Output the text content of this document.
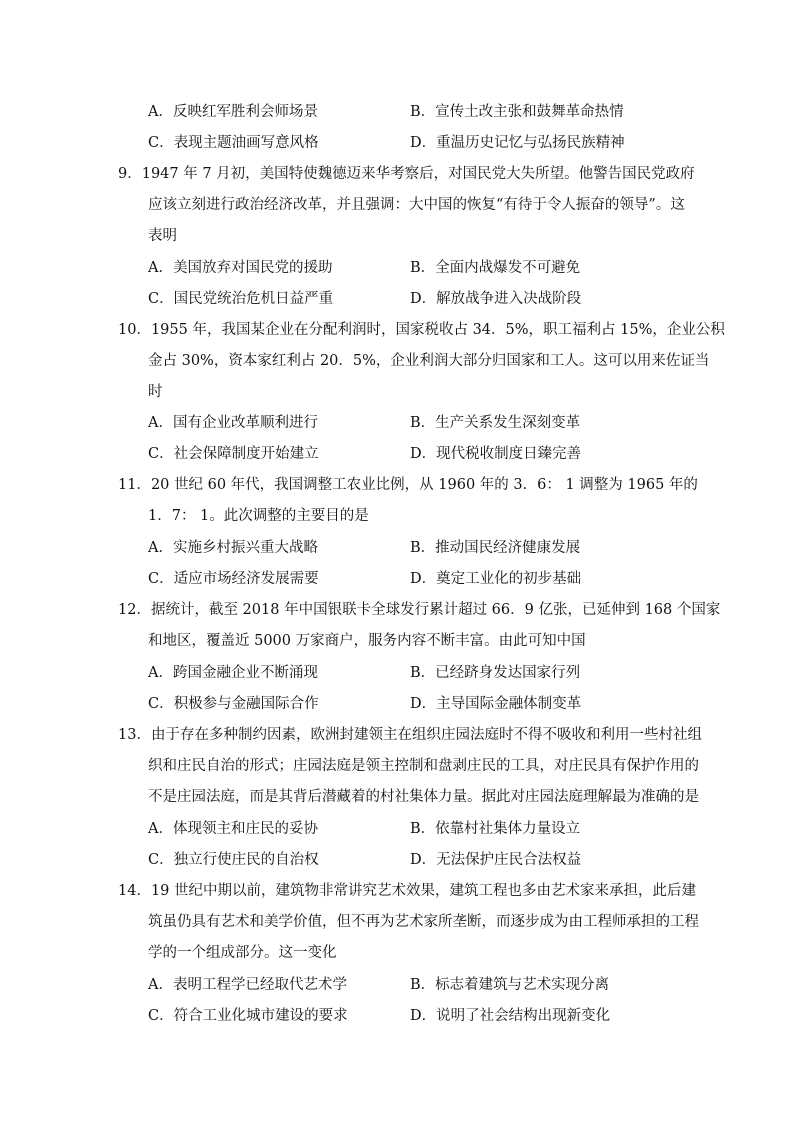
A．反映红军胜利会师场景	B．宣传土改主张和鼓舞革命热情
C．表现主题油画写意风格	D．重温历史记忆与弘扬民族精神
9．1947 年 7 月初，美国特使魏德迈来华考察后，对国民党大失所望。他警告国民党政府
应该立刻进行政治经济改革，并且强调：大中国的恢复“有待于令人振奋的领导”。这
表明
A．美国放弃对国民党的援助	B．全面内战爆发不可避免
C．国民党统治危机日益严重	D．解放战争进入决战阶段
10．1955 年，我国某企业在分配利润时，国家税收占 34．5%，职工福利占 15%，企业公积
金占 30%，资本家红利占 20．5%，企业利润大部分归国家和工人。这可以用来佐证当
时
A．国有企业改革顺利进行	B．生产关系发生深刻变革
C．社会保障制度开始建立	D．现代税收制度日臻完善
11．20 世纪 60 年代，我国调整工农业比例，从 1960 年的 3．6： 1 调整为 1965 年的
1．7： 1。此次调整的主要目的是
A．实施乡村振兴重大战略	B．推动国民经济健康发展
C．适应市场经济发展需要	D．奠定工业化的初步基础
12．据统计，截至 2018 年中国银联卡全球发行累计超过 66．9 亿张，已延伸到 168 个国家
和地区，覆盖近 5000 万家商户，服务内容不断丰富。由此可知中国
A．跨国金融企业不断涌现	B．已经跻身发达国家行列
C．积极参与金融国际合作	D．主导国际金融体制变革
13．由于存在多种制约因素，欧洲封建领主在组织庄园法庭时不得不吸收和利用一些村社组
织和庄民自治的形式；庄园法庭是领主控制和盘剥庄民的工具，对庄民具有保护作用的
不是庄园法庭，而是其背后潜藏着的村社集体力量。据此对庄园法庭理解最为准确的是
A．体现领主和庄民的妥协	B．依靠村社集体力量设立
C．独立行使庄民的自治权	D．无法保护庄民合法权益
14．19 世纪中期以前，建筑物非常讲究艺术效果，建筑工程也多由艺术家来承担，此后建
筑虽仍具有艺术和美学价值，但不再为艺术家所垄断，而逐步成为由工程师承担的工程
学的一个组成部分。这一变化
A．表明工程学已经取代艺术学	B．标志着建筑与艺术实现分离
C．符合工业化城市建设的要求	D．说明了社会结构出现新变化
